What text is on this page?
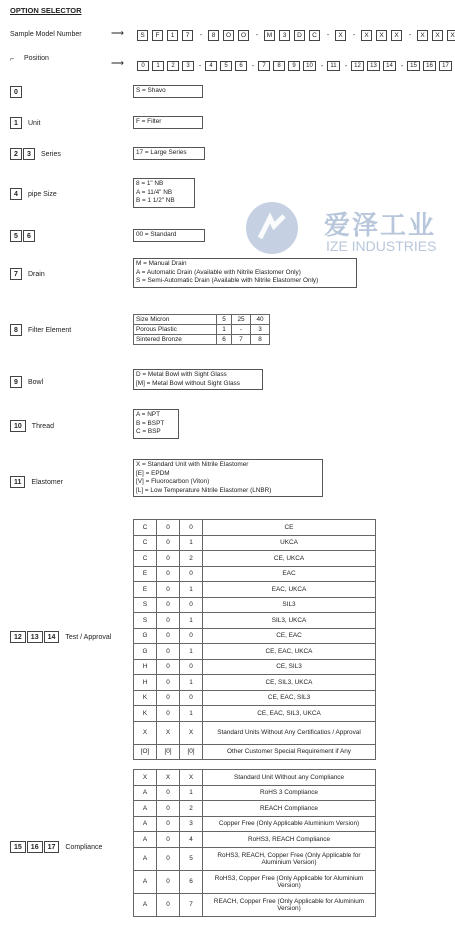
OPTION SELECTOR
Sample Model Number	⟶	S	F	1	7	-	8	O	O	-	M	3	D	C	-	X	-	X	X	X	-	X	X	X
⌐ Position	⟶	0	1	2	3	-	4	5	6	-	7	8	9	10	-	11	-	12	13	14	-	15	16	17
0	S = Shavo
1	Unit	F = Filter
2	3	Series	17 = Large Series
4	pipe Size
8 = 1" NB
A = 11/4" NB
B = 1 1/2" NB
5	6	00 = Standard
7	Drain
M = Manual Drain
A = Automatic Drain (Available with Nitrile Elastomer Only)
S = Semi-Automatic Drain (Available with Nitrile Elastomer Only)
8	Filter Element
9	Bowl
D = Metal Bowl with Sight Glass
[M] = Metal Bowl without Sight Glass
10	Thread
A = NPT
B = BSPT
C = BSP
11	Elastomer
X = Standard Unit with Nitrile Elastomer
[E] = EPDM
[V] = Fluorocarbon (Viton)
[L] = Low Temperature Nitrile Elastomer (LNBR)
12	13	14	Test / Approval
15	16	17	Compliance
Size Micron	5	25	40
Porous Plastic	1	-	3
Sintered Bronze	6	7	8
C	0	0	CE
C	0	1	UKCA
C	0	2	CE, UKCA
E	0	0	EAC
E	0	1	EAC, UKCA
S	0	0	SIL3
S	0	1	SIL3, UKCA
G	0	0	CE, EAC
G	0	1	CE, EAC, UKCA
H	0	0	CE, SIL3
H	0	1	CE, SIL3, UKCA
K	0	0	CE, EAC, SIL3
K	0	1	CE, EAC, SIL3, UKCA
X	X	X	Standard Units Without Any Certificatios / Approval
[O]	[0]	[0]	Other Customer Special Requirement if Any
X	X	X	Standard Unit Without any Compliance
A	0	1	RoHS 3 Compliance
A	0	2	REACH Compliance
A	0	3	Copper Free (Only Applicable Aluminium Version)
A	0	4	RoHS3, REACH Compliance
A	0	5	RoHS3, REACH, Copper Free (Only Applicable for Aluminium Version)
A	0	6	RoHS3, Copper Free (Only Applicable for Aluminium Version)
A	0	7	REACH, Copper Free (Only Applicable for Aluminium Version)
爱泽工业
IZE INDUSTRIES
